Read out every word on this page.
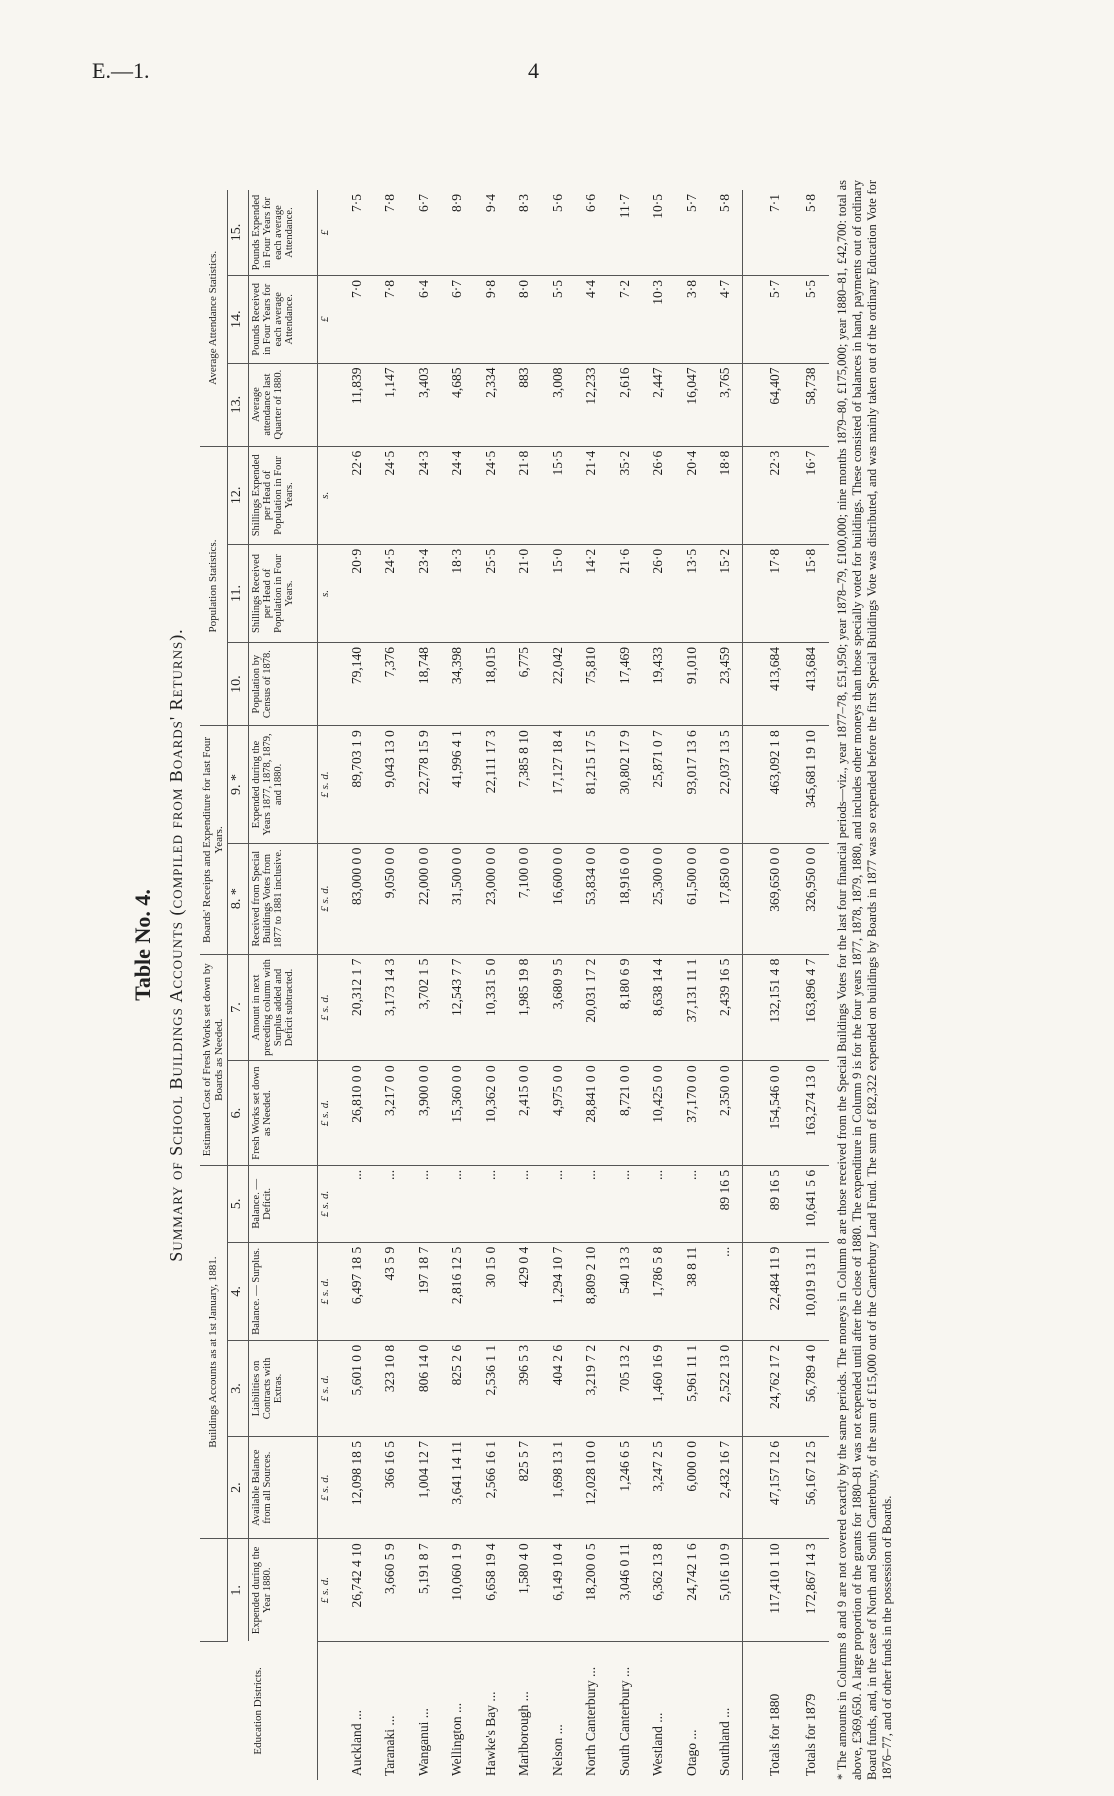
E.—1.	4
Table No. 4. Summary of School Buildings Accounts (compiled from Boards' Returns).
Education Districts.		Buildings Accounts as at 1st January, 1881.				Estimated Cost of Fresh Works set down by Boards as Needed.		Boards' Receipts and Expenditure for last Four Years.		Population Statistics.			Average Attendance Statistics.		
	1.	2.	3.	4.	5.	6.	7.	8. *	9. *	10.	11.	12.	13.	14.	15.
	Expended during the Year 1880.	Available Balance from all Sources.	Liabilities on Contracts with Extras.	Balance. — Surplus.	Balance. — Deficit.	Fresh Works set down as Needed.	Amount in next preceding column with Surplus added and Deficit subtracted.	Received from Special Buildings Votes from 1877 to 1881 inclusive.	Expended during the Years 1877, 1878, 1879, and 1880.	Population by Census of 1878.	Shillings Received per Head of Population in Four Years.	Shillings Expended per Head of Population in Four Years.	Average attendance last Quarter of 1880.	Pounds Received in Four Years for each average Attendance.	Pounds Expended in Four Years for each average Attendance.
	£ s. d.	£ s. d.	£ s. d.	£ s. d.	£ s. d.	£ s. d.	£ s. d.	£ s. d.	£ s. d.		s.	s.		£	£
Auckland ...	26,742 4 10	12,098 18 5	5,601 0 0	6,497 18 5	...	26,810 0 0	20,312 1 7	83,000 0 0	89,703 1 9	79,140	20·9	22·6	11,839	7·0	7·5
Taranaki ...	3,660 5 9	366 16 5	323 10 8	43 5 9	...	3,217 0 0	3,173 14 3	9,050 0 0	9,043 13 0	7,376	24·5	24·5	1,147	7·8	7·8
Wanganui ...	5,191 8 7	1,004 12 7	806 14 0	197 18 7	...	3,900 0 0	3,702 1 5	22,000 0 0	22,778 15 9	18,748	23·4	24·3	3,403	6·4	6·7
Wellington ...	10,060 1 9	3,641 14 11	825 2 6	2,816 12 5	...	15,360 0 0	12,543 7 7	31,500 0 0	41,996 4 1	34,398	18·3	24·4	4,685	6·7	8·9
Hawke's Bay ...	6,658 19 4	2,566 16 1	2,536 1 1	30 15 0	...	10,362 0 0	10,331 5 0	23,000 0 0	22,111 17 3	18,015	25·5	24·5	2,334	9·8	9·4
Marlborough ...	1,580 4 0	825 5 7	396 5 3	429 0 4	...	2,415 0 0	1,985 19 8	7,100 0 0	7,385 8 10	6,775	21·0	21·8	883	8·0	8·3
Nelson ...	6,149 10 4	1,698 13 1	404 2 6	1,294 10 7	...	4,975 0 0	3,680 9 5	16,600 0 0	17,127 18 4	22,042	15·0	15·5	3,008	5·5	5·6
North Canterbury ...	18,200 0 5	12,028 10 0	3,219 7 2	8,809 2 10	...	28,841 0 0	20,031 17 2	53,834 0 0	81,215 17 5	75,810	14·2	21·4	12,233	4·4	6·6
South Canterbury ...	3,046 0 11	1,246 6 5	705 13 2	540 13 3	...	8,721 0 0	8,180 6 9	18,916 0 0	30,802 17 9	17,469	21·6	35·2	2,616	7·2	11·7
Westland ...	6,362 13 8	3,247 2 5	1,460 16 9	1,786 5 8	...	10,425 0 0	8,638 14 4	25,300 0 0	25,871 0 7	19,433	26·0	26·6	2,447	10·3	10·5
Otago ...	24,742 1 6	6,000 0 0	5,961 11 1	38 8 11	...	37,170 0 0	37,131 11 1	61,500 0 0	93,017 13 6	91,010	13·5	20·4	16,047	3·8	5·7
Southland ...	5,016 10 9	2,432 16 7	2,522 13 0	...	89 16 5	2,350 0 0	2,439 16 5	17,850 0 0	22,037 13 5	23,459	15·2	18·8	3,765	4·7	5·8

Totals for 1880	117,410 1 10	47,157 12 6	24,762 17 2	22,484 11 9	89 16 5	154,546 0 0	132,151 4 8	369,650 0 0	463,092 1 8	413,684	17·8	22·3	64,407	5·7	7·1
Totals for 1879	172,867 14 3	56,167 12 5	56,789 4 0	10,019 13 11	10,641 5 6	163,274 13 0	163,896 4 7	326,950 0 0	345,681 19 10	413,684	15·8	16·7	58,738	5·5	5·8 * The amounts in Columns 8 and 9 are not covered exactly by the same periods. The moneys in Column 8 are those received from the Special Buildings Votes for the last four financial periods—viz., year 1877–78, £51,950; year 1878–79, £100,000; nine months 1879–80, £175,000; year 1880–81, £42,700: total as above, £369,650. A large proportion of the grants for 1880–81 was not expended until after the close of 1880. The expenditure in Column 9 is for the four years 1877, 1878, 1879, 1880, and includes other moneys than those specially voted for buildings. These consisted of balances in hand, payments out of ordinary Board funds, and, in the case of North and South Canterbury, of the sum of £15,000 out of the Canterbury Land Fund. The sum of £82,322 expended on buildings by Boards in 1877 was so expended before the first Special Buildings Vote was distributed, and was mainly taken out of the ordinary Education Vote for 1876–77, and of other funds in the possession of Boards.
